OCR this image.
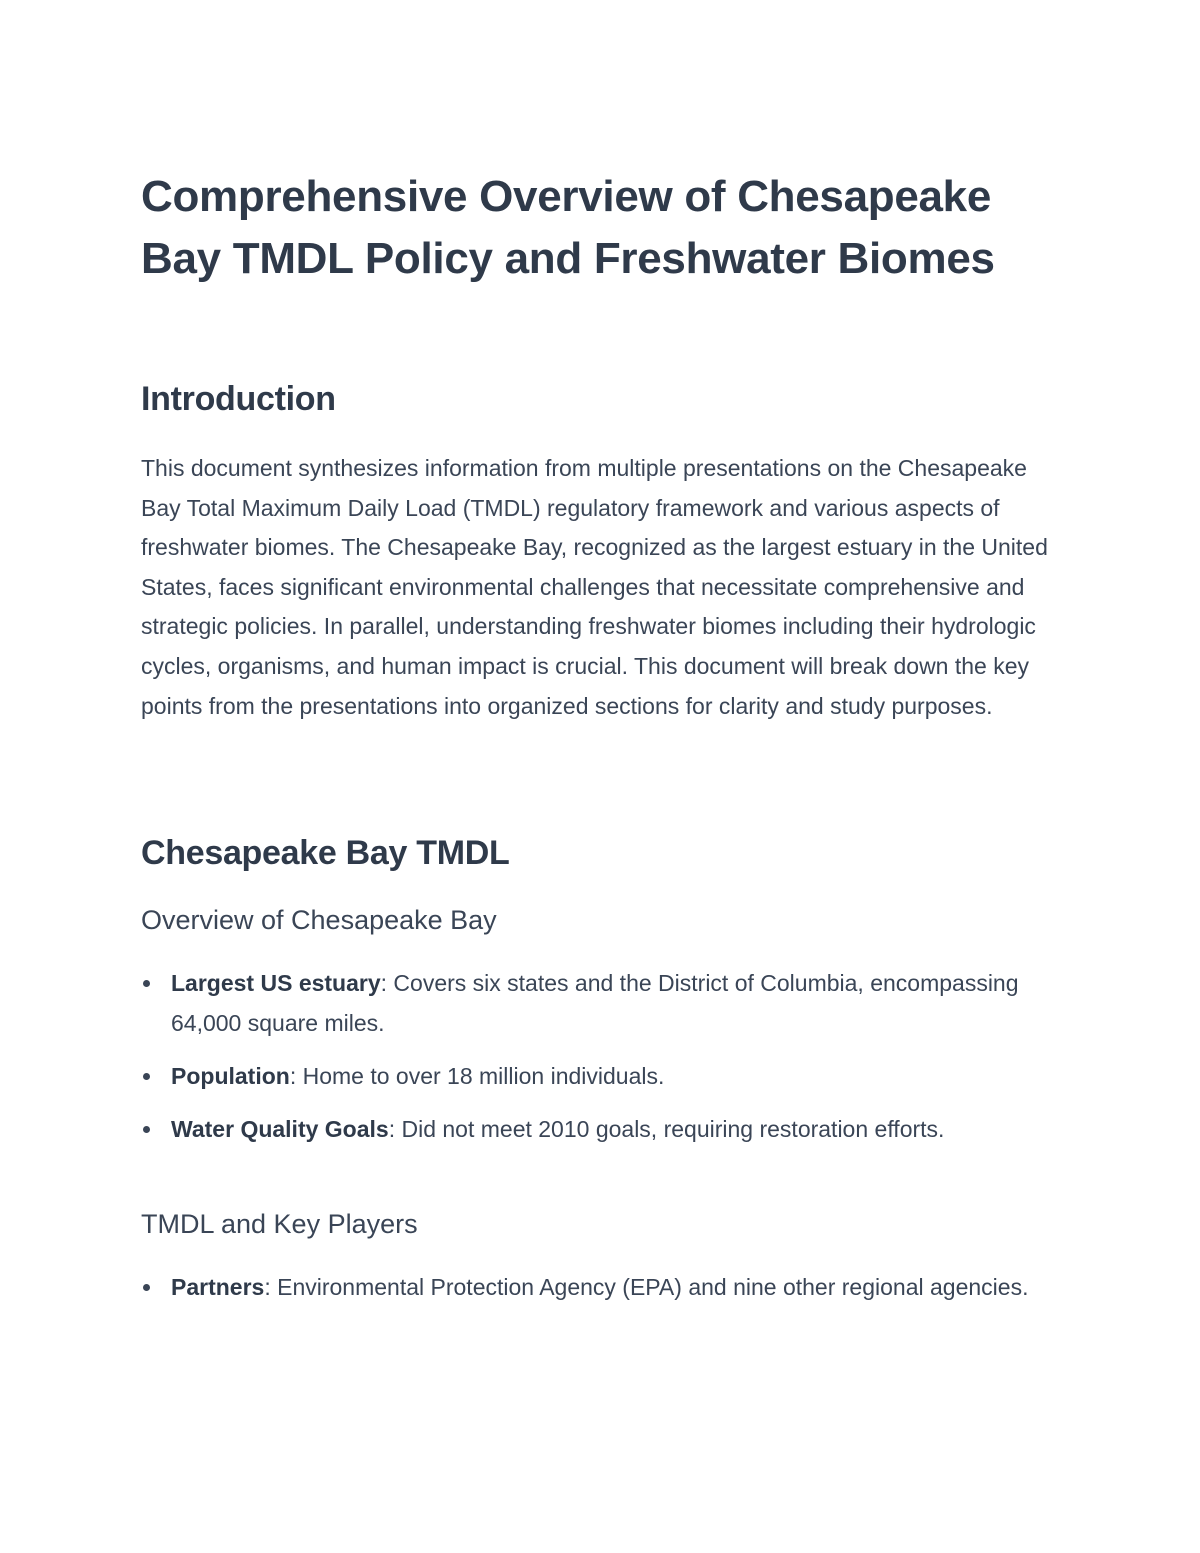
Comprehensive Overview of Chesapeake Bay TMDL Policy and Freshwater Biomes
Introduction

This document synthesizes information from multiple presentations on the Chesapeake Bay Total Maximum Daily Load (TMDL) regulatory framework and various aspects of freshwater biomes. The Chesapeake Bay, recognized as the largest estuary in the United States, faces significant environmental challenges that necessitate comprehensive and strategic policies. In parallel, understanding freshwater biomes including their hydrologic cycles, organisms, and human impact is crucial. This document will break down the key points from the presentations into organized sections for clarity and study purposes.

Chesapeake Bay TMDL
Overview of Chesapeake Bay
Largest US estuary: Covers six states and the District of Columbia, encompassing 64,000 square miles.
Population: Home to over 18 million individuals.
Water Quality Goals: Did not meet 2010 goals, requiring restoration efforts.
TMDL and Key Players
Partners: Environmental Protection Agency (EPA) and nine other regional agencies.
